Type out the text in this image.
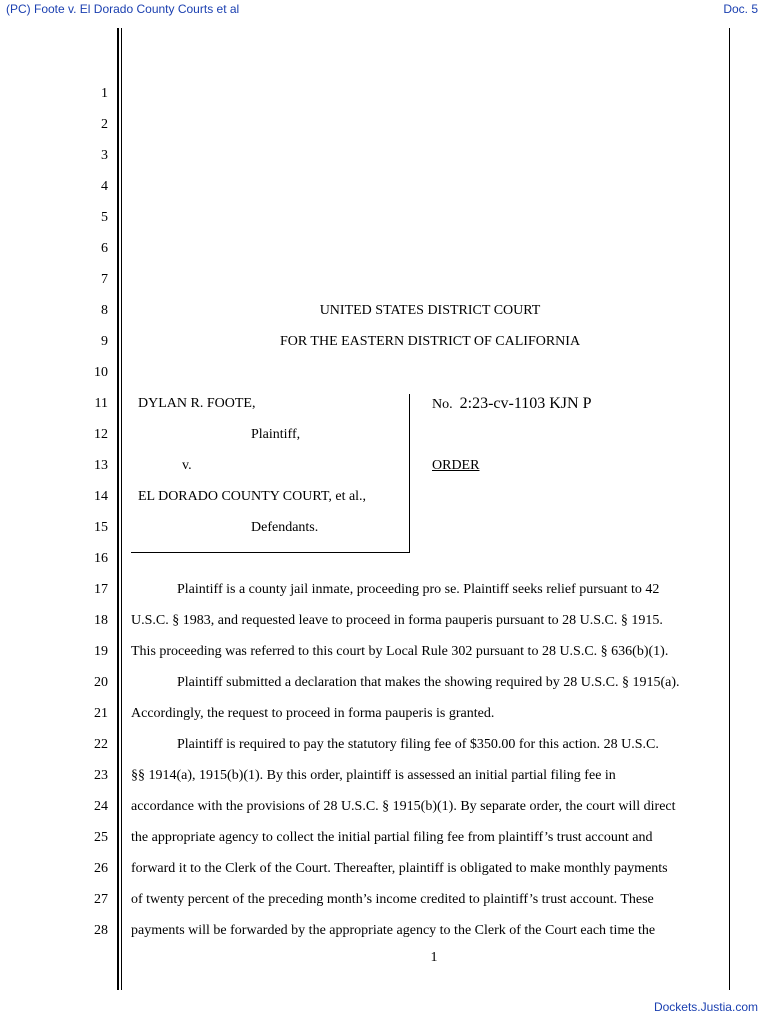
(PC) Foote v. El Dorado County Courts et al	Doc. 5
1
2
3
4
5
6
7
8
9
10
11
12
13
14
15
16
17
18
19
20
21
22
23
24
25
26
27
28
UNITED STATES DISTRICT COURT
FOR THE EASTERN DISTRICT OF CALIFORNIA
DYLAN R. FOOTE,
Plaintiff,
v.
EL DORADO COUNTY COURT, et al.,
Defendants.
No. 2:23-cv-1103 KJN P
ORDER
Plaintiff is a county jail inmate, proceeding pro se. Plaintiff seeks relief pursuant to 42
U.S.C. § 1983, and requested leave to proceed in forma pauperis pursuant to 28 U.S.C. § 1915.
This proceeding was referred to this court by Local Rule 302 pursuant to 28 U.S.C. § 636(b)(1).
Plaintiff submitted a declaration that makes the showing required by 28 U.S.C. § 1915(a).
Accordingly, the request to proceed in forma pauperis is granted.
Plaintiff is required to pay the statutory filing fee of $350.00 for this action. 28 U.S.C.
§§ 1914(a), 1915(b)(1). By this order, plaintiff is assessed an initial partial filing fee in
accordance with the provisions of 28 U.S.C. § 1915(b)(1). By separate order, the court will direct
the appropriate agency to collect the initial partial filing fee from plaintiff’s trust account and
forward it to the Clerk of the Court. Thereafter, plaintiff is obligated to make monthly payments
of twenty percent of the preceding month’s income credited to plaintiff’s trust account. These
payments will be forwarded by the appropriate agency to the Clerk of the Court each time the
1
Dockets.Justia.com
